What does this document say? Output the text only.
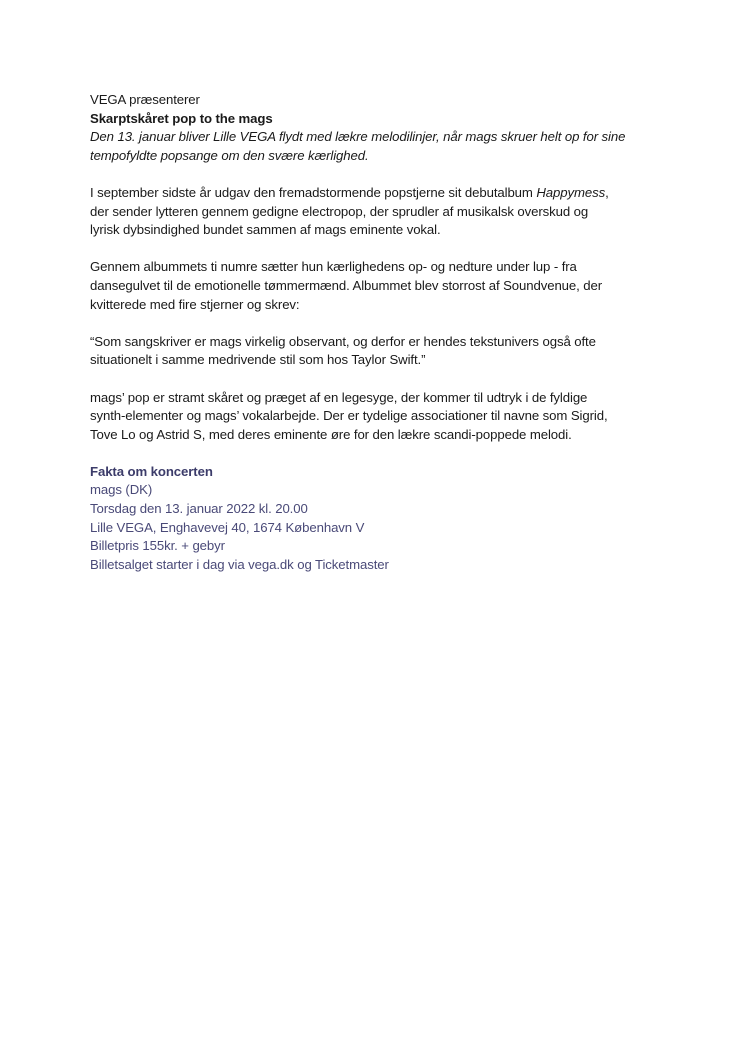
VEGA præsenterer
Skarptskåret pop to the mags
Den 13. januar bliver Lille VEGA flydt med lækre melodilinjer, når mags skruer helt op for sine
tempofyldte popsange om den svære kærlighed.
I september sidste år udgav den fremadstormende popstjerne sit debutalbum Happymess,
der sender lytteren gennem gedigne electropop, der sprudler af musikalsk overskud og
lyrisk dybsindighed bundet sammen af mags eminente vokal.
Gennem albummets ti numre sætter hun kærlighedens op- og nedture under lup - fra
dansegulvet til de emotionelle tømmermænd. Albummet blev storrost af Soundvenue, der
kvitterede med fire stjerner og skrev:
“Som sangskriver er mags virkelig observant, og derfor er hendes tekstunivers også ofte
situationelt i samme medrivende stil som hos Taylor Swift.”
mags’ pop er stramt skåret og præget af en legesyge, der kommer til udtryk i de fyldige
synth-elementer og mags’ vokalarbejde. Der er tydelige associationer til navne som Sigrid,
Tove Lo og Astrid S, med deres eminente øre for den lækre scandi-poppede melodi.
Fakta om koncerten
mags (DK)
Torsdag den 13. januar 2022 kl. 20.00
Lille VEGA, Enghavevej 40, 1674 København V
Billetpris 155kr. + gebyr
Billetsalget starter i dag via vega.dk og Ticketmaster
